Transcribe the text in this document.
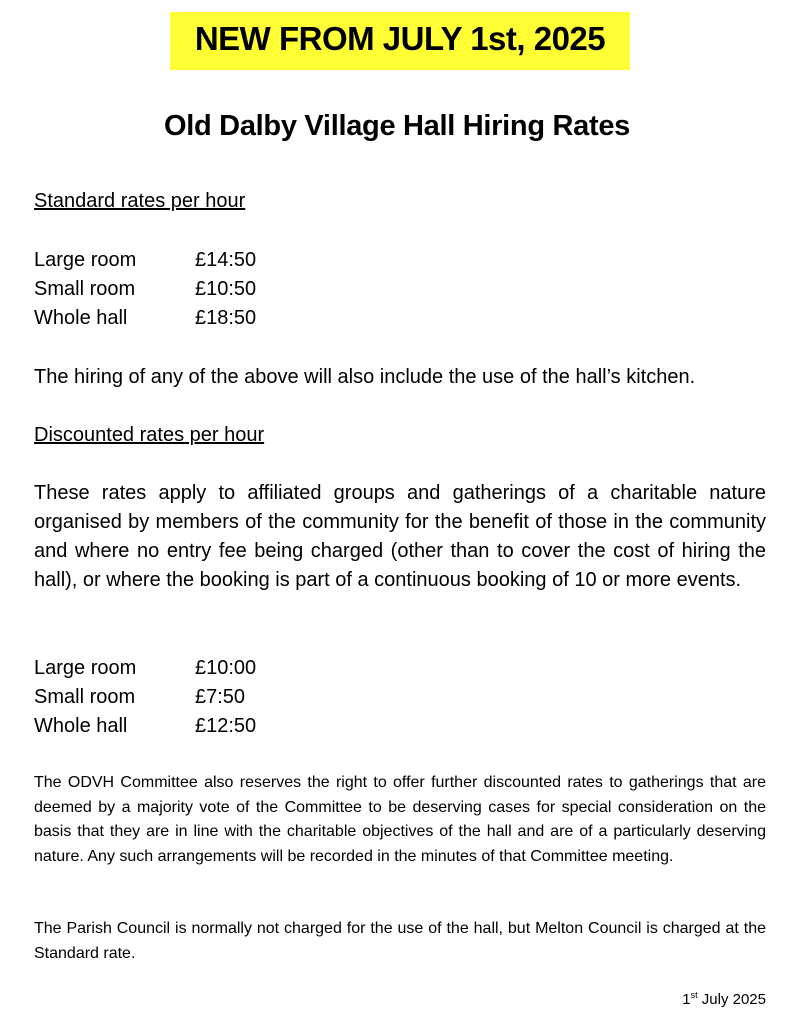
NEW FROM JULY 1st, 2025
Old Dalby Village Hall Hiring Rates
Standard rates per hour
Large room	£14:50
Small room	£10:50
Whole hall	£18:50
The hiring of any of the above will also include the use of the hall’s kitchen.
Discounted rates per hour
These rates apply to affiliated groups and gatherings of a charitable nature organised by members of the community for the benefit of those in the community and where no entry fee being charged (other than to cover the cost of hiring the hall), or where the booking is part of a continuous booking of 10 or more events.
Large room	£10:00
Small room	£7:50
Whole hall	£12:50
The ODVH Committee also reserves the right to offer further discounted rates to gatherings that are deemed by a majority vote of the Committee to be deserving cases for special consideration on the basis that they are in line with the charitable objectives of the hall and are of a particularly deserving nature. Any such arrangements will be recorded in the minutes of that Committee meeting.
The Parish Council is normally not charged for the use of the hall, but Melton Council is charged at the Standard rate.
1st July 2025
